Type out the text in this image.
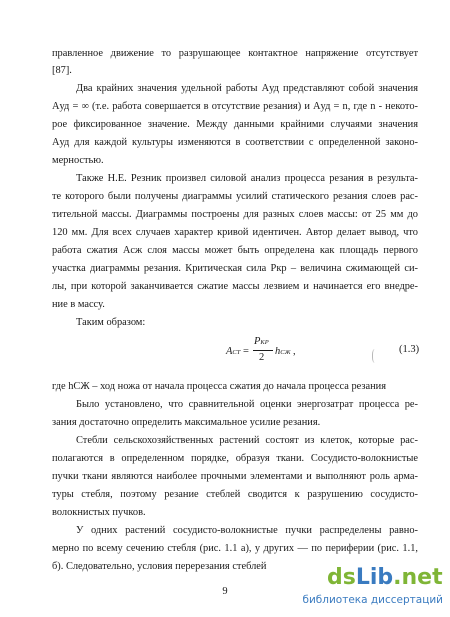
правленное движение то разрушающее контактное напряжение отсутствует
[87].
Два крайних значения удельной работы Aуд представляют собой значения
Aуд = ∞ (т.е. работа совершается в отсутствие резания) и Aуд = n, где n - некото-
рое фиксированное значение. Между данными крайними случаями значения
Aуд для каждой культуры изменяются в соответствии с определенной законо-
мерностью.
Также Н.Е. Резник произвел силовой анализ процесса резания в результа-
те которого были получены диаграммы усилий статического резания слоев рас-
тительной массы. Диаграммы построены для разных слоев массы: от 25 мм до
120 мм. Для всех случаев характер кривой идентичен. Автор делает вывод, что
работа сжатия Aсж слоя массы может быть определена как площадь первого
участка диаграммы резания. Критическая сила Pкр – величина сжимающей си-
лы, при которой заканчивается сжатие массы лезвием и начинается его внедре-
ние в массу.
Таким образом:
AСТ =
PКР
2
hСЖ ,	(1.3)
где hСЖ – ход ножа от начала процесса сжатия до начала процесса резания
Было установлено, что сравнительной оценки энергозатрат процесса ре-
зания достаточно определить максимальное усилие резания.
Стебли сельскохозяйственных растений состоят из клеток, которые рас-
полагаются в определенном порядке, образуя ткани. Сосудисто-волокнистые
пучки ткани являются наиболее прочными элементами и выполняют роль арма-
туры стебля, поэтому резание стеблей сводится к разрушению сосудисто-
волокнистых пучков.
У одних растений сосудисто-волокнистые пучки распределены равно-
мерно по всему сечению стебля (рис. 1.1 а), у других — по периферии (рис. 1.1,
б). Следовательно, условия перерезания стеблей
9
dsLib.net
библиотека диссертаций
